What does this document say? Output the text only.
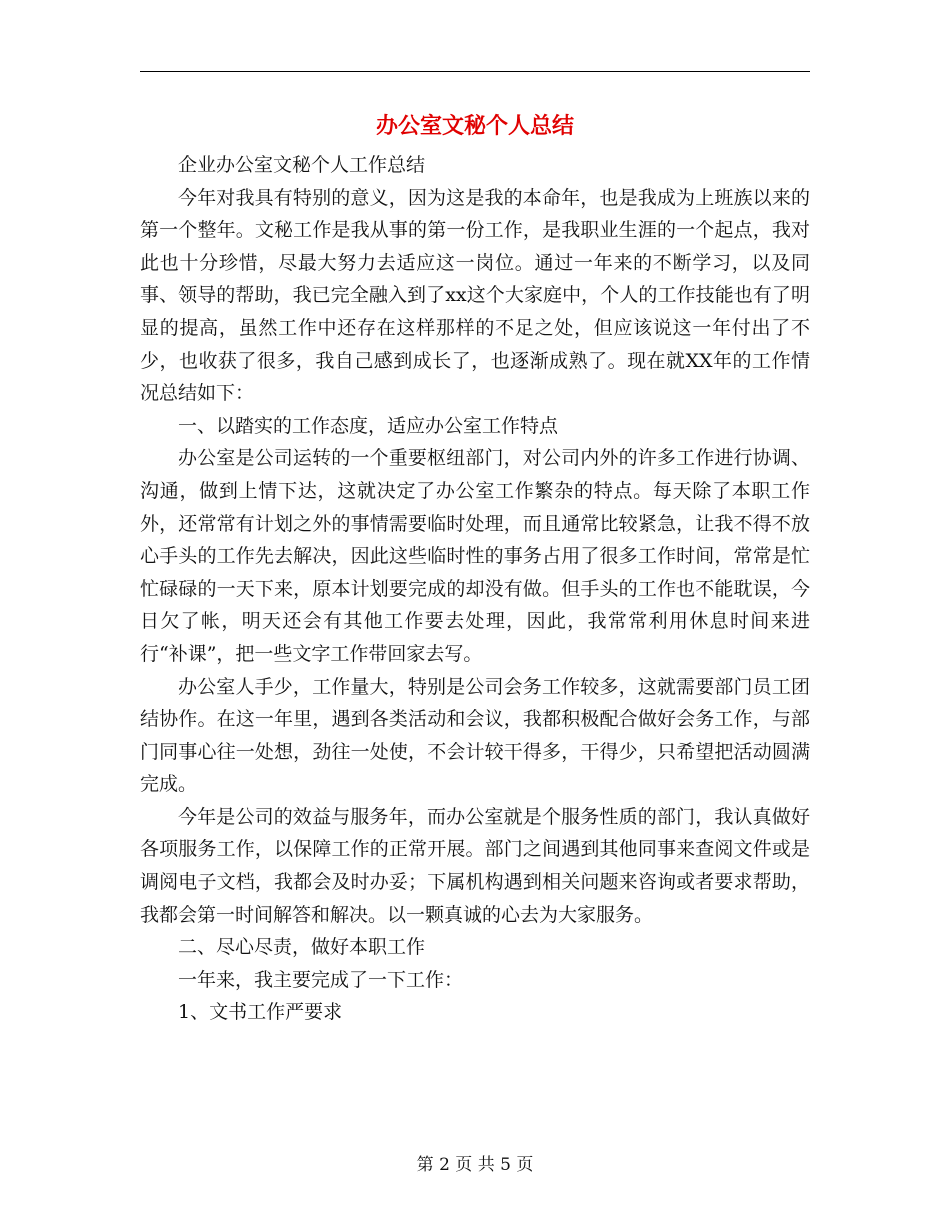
办公室文秘个人总结

企业办公室文秘个人工作总结

今年对我具有特别的意义，因为这是我的本命年，也是我成为上班族以来的第一个整年。文秘工作是我从事的第一份工作，是我职业生涯的一个起点，我对此也十分珍惜，尽最大努力去适应这一岗位。通过一年来的不断学习，以及同事、领导的帮助，我已完全融入到了xx这个大家庭中，个人的工作技能也有了明显的提高，虽然工作中还存在这样那样的不足之处，但应该说这一年付出了不少，也收获了很多，我自己感到成长了，也逐渐成熟了。现在就XX年的工作情况总结如下：

一、以踏实的工作态度，适应办公室工作特点

办公室是公司运转的一个重要枢纽部门，对公司内外的许多工作进行协调、沟通，做到上情下达，这就决定了办公室工作繁杂的特点。每天除了本职工作外，还常常有计划之外的事情需要临时处理，而且通常比较紧急，让我不得不放心手头的工作先去解决，因此这些临时性的事务占用了很多工作时间，常常是忙忙碌碌的一天下来，原本计划要完成的却没有做。但手头的工作也不能耽误，今日欠了帐，明天还会有其他工作要去处理，因此，我常常利用休息时间来进行“补课”，把一些文字工作带回家去写。

办公室人手少，工作量大，特别是公司会务工作较多，这就需要部门员工团结协作。在这一年里，遇到各类活动和会议，我都积极配合做好会务工作，与部门同事心往一处想，劲往一处使，不会计较干得多，干得少，只希望把活动圆满完成。

今年是公司的效益与服务年，而办公室就是个服务性质的部门，我认真做好各项服务工作，以保障工作的正常开展。部门之间遇到其他同事来查阅文件或是调阅电子文档，我都会及时办妥；下属机构遇到相关问题来咨询或者要求帮助，我都会第一时间解答和解决。以一颗真诚的心去为大家服务。

二、尽心尽责，做好本职工作

一年来，我主要完成了一下工作：

1、文书工作严要求

第 2 页 共 5 页
